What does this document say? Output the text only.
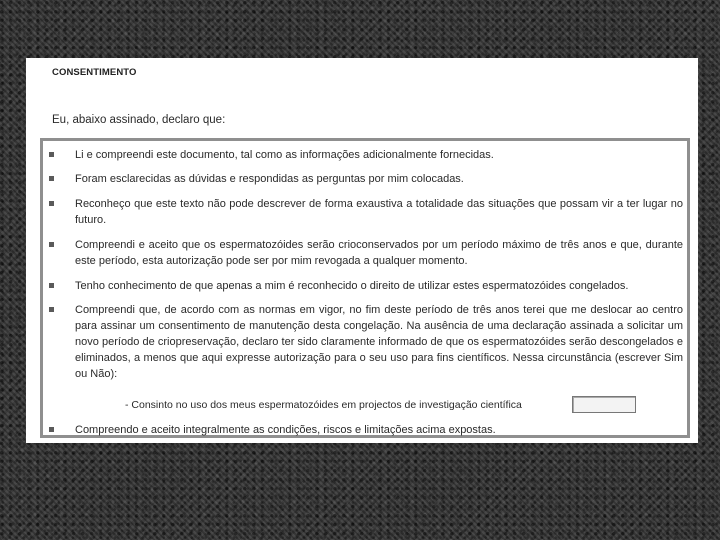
CONSENTIMENTO
Eu, abaixo assinado, declaro que:
Li e compreendi este documento, tal como as informações adicionalmente fornecidas.
Foram esclarecidas as dúvidas e respondidas as perguntas por mim colocadas.
Reconheço que este texto não pode descrever de forma exaustiva a totalidade das situações que possam vir a ter lugar no futuro.
Compreendi e aceito que os espermatozóides serão crioconservados por um período máximo de três anos e que, durante este período, esta autorização pode ser por mim revogada a qualquer momento.
Tenho conhecimento de que apenas a mim é reconhecido o direito de utilizar estes espermatozóides congelados.
Compreendi que, de acordo com as normas em vigor, no fim deste período de três anos terei que me deslocar ao centro para assinar um consentimento de manutenção desta congelação. Na ausência de uma declaração assinada a solicitar um novo período de criopreservação, declaro ter sido claramente informado de que os espermatozóides serão descongelados e eliminados, a menos que aqui expresse autorização para o seu uso para fins científicos. Nessa circunstância (escrever Sim ou Não):
- Consinto no uso dos meus espermatozóides em projectos de investigação científica
Compreendo e aceito integralmente as condições, riscos e limitações acima expostas.
